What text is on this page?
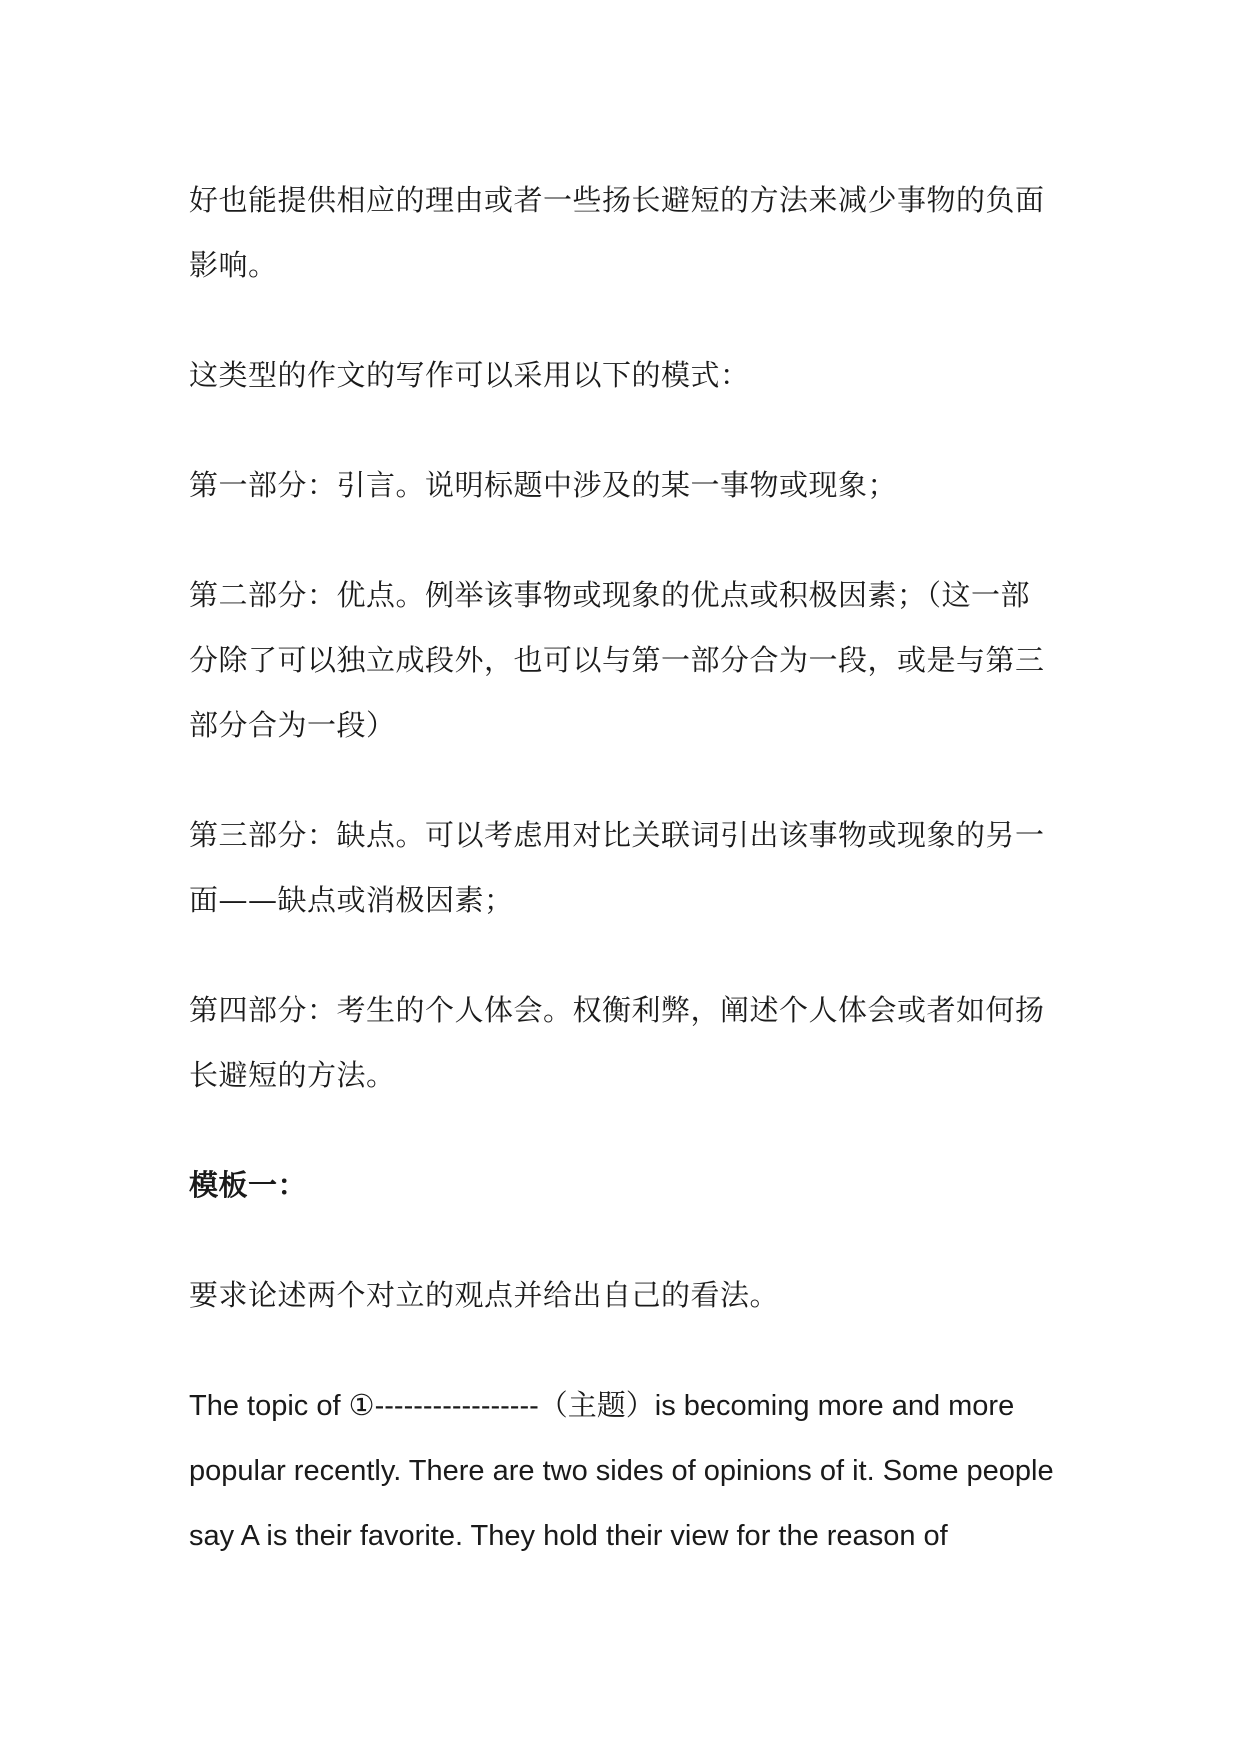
好也能提供相应的理由或者一些扬长避短的方法来减少事物的负面影响。

这类型的作文的写作可以采用以下的模式：

第一部分：引言。说明标题中涉及的某一事物或现象；

第二部分：优点。例举该事物或现象的优点或积极因素；（这一部分除了可以独立成段外，也可以与第一部分合为一段，或是与第三部分合为一段）

第三部分：缺点。可以考虑用对比关联词引出该事物或现象的另一面——缺点或消极因素；

第四部分：考生的个人体会。权衡利弊，阐述个人体会或者如何扬长避短的方法。

模板一：

要求论述两个对立的观点并给出自己的看法。

The topic of ①-----------------（主题）is becoming more and more popular recently. There are two sides of opinions of it. Some people say A is their favorite. They hold their view for the reason of
